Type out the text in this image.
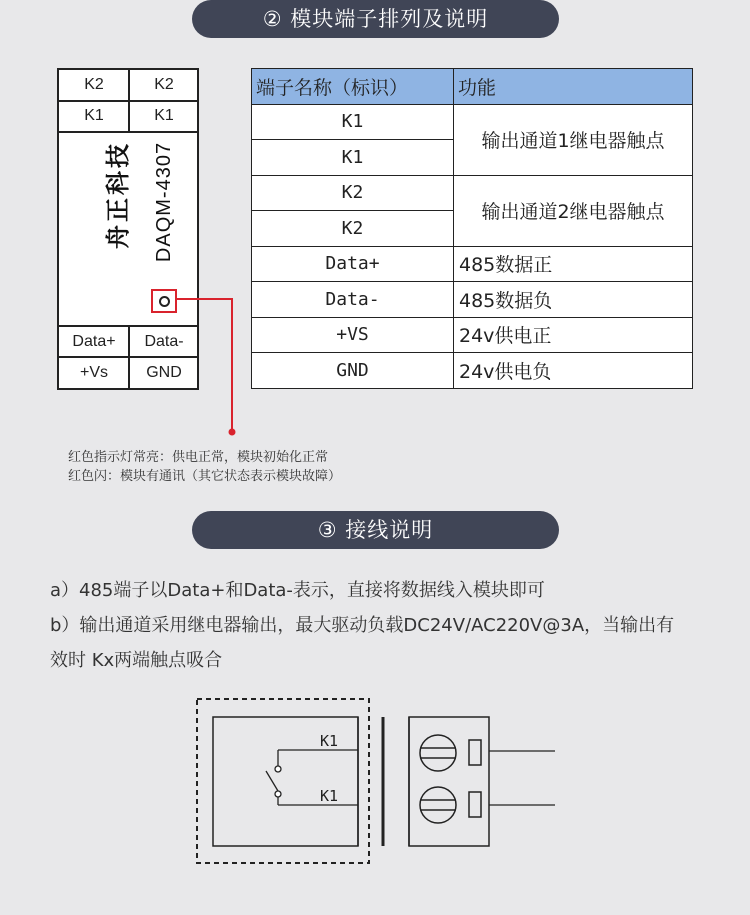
② 模块端子排列及说明
K2	K2
K1	K1
舟正科技 DAQM-4307
Data+	Data-
+Vs	GND
端子名称（标识）	功能
K1	输出通道1继电器触点
K1	
K2	输出通道2继电器触点
K2	
Data+	485数据正
Data-	485数据负
+VS	24v供电正
GND	24v供电负
红色指示灯常亮：供电正常，模块初始化正常
红色闪：模块有通讯（其它状态表示模块故障）
③ 接线说明
a）485端子以Data+和Data-表示，直接将数据线入模块即可
b）输出通道采用继电器输出，最大驱动负载DC24V/AC220V@3A，当输出有
效时 Kx两端触点吸合
K1
K1
